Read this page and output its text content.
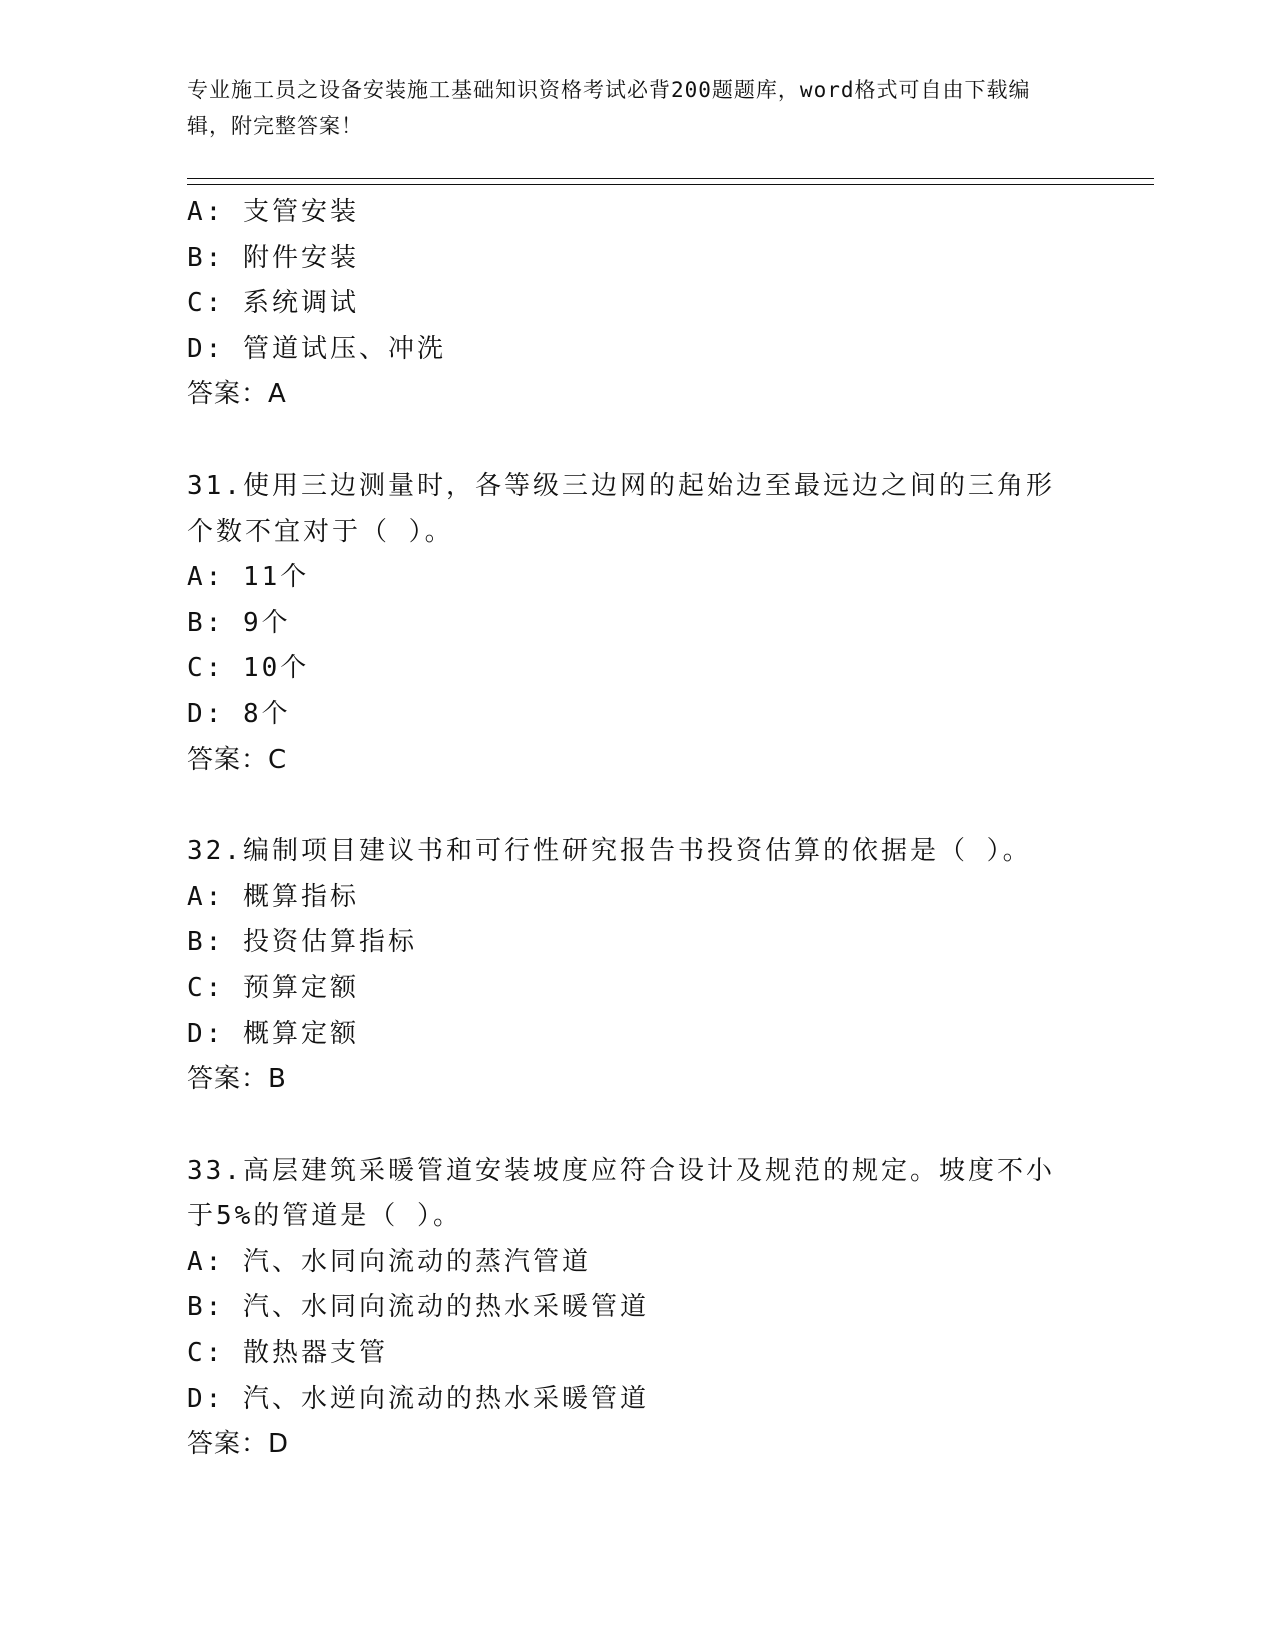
专业施工员之设备安装施工基础知识资格考试必背200题题库，word格式可自由下载编辑，附完整答案！
A: 支管安装
B: 附件安装
C: 系统调试
D: 管道试压、冲洗
答案：A
31.使用三边测量时，各等级三边网的起始边至最远边之间的三角形个数不宜对于（ ）。
A: 11个
B: 9个
C: 10个
D: 8个
答案：C
32.编制项目建议书和可行性研究报告书投资估算的依据是（ ）。
A: 概算指标
B: 投资估算指标
C: 预算定额
D: 概算定额
答案：B
33.高层建筑采暖管道安装坡度应符合设计及规范的规定。坡度不小于5%的管道是（ ）。
A: 汽、水同向流动的蒸汽管道
B: 汽、水同向流动的热水采暖管道
C: 散热器支管
D: 汽、水逆向流动的热水采暖管道
答案：D
